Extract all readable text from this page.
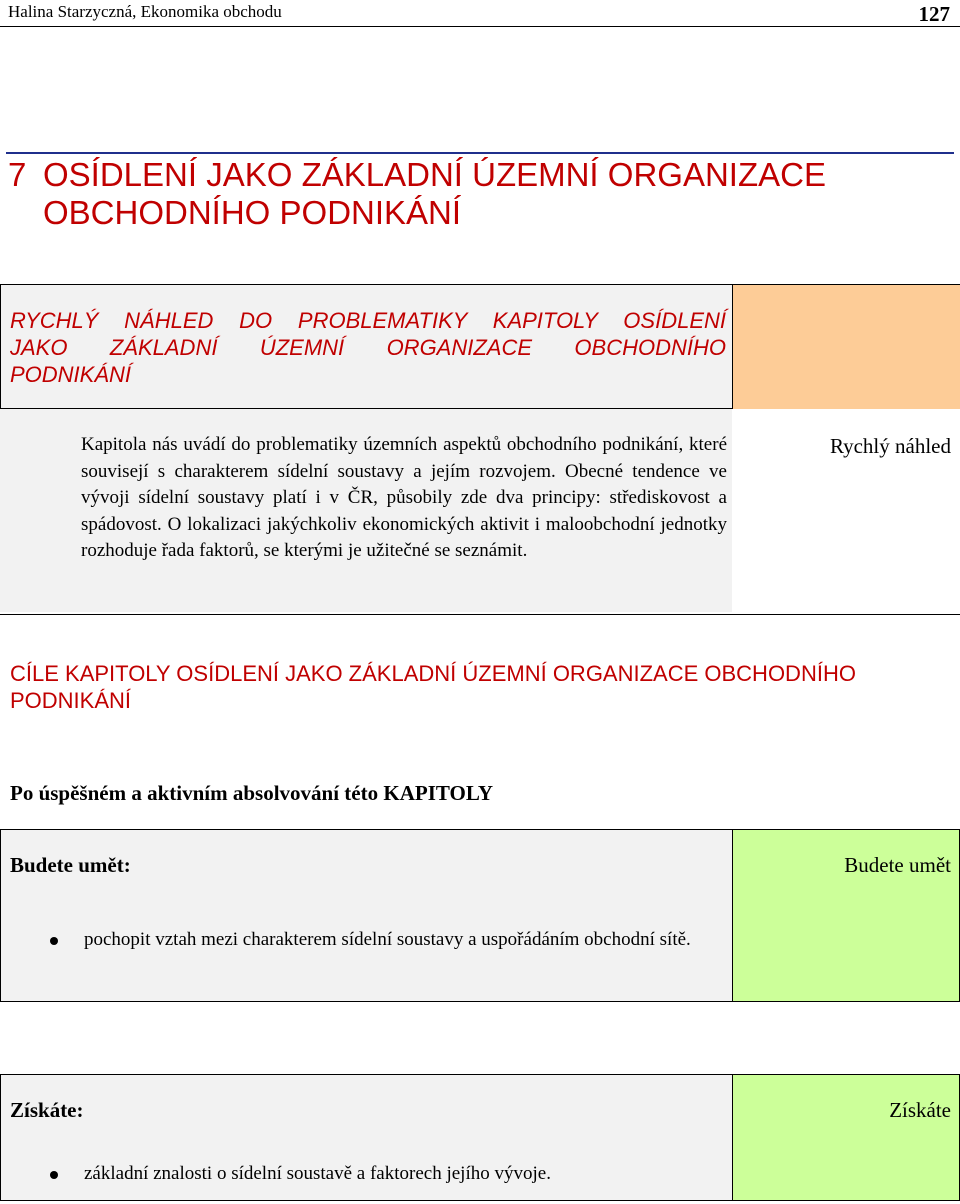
Halina Starzyczná, Ekonomika obchodu	127
7 OSÍDLENÍ JAKO ZÁKLADNÍ ÚZEMNÍ ORGANIZACE
OBCHODNÍHO PODNIKÁNÍ
RYCHLÝ NÁHLED DO PROBLEMATIKY KAPITOLY OSÍDLENÍ
JAKO ZÁKLADNÍ ÚZEMNÍ ORGANIZACE OBCHODNÍHO
PODNIKÁNÍ
Kapitola nás uvádí do problematiky územních aspektů obchodního podnikání, které souvisejí s charakterem sídelní soustavy a jejím rozvojem. Obecné tendence ve vývoji sídelní soustavy platí i v ČR, působily zde dva principy: střediskovost a spádovost. O lokalizaci jakýchkoliv ekonomických aktivit i maloobchodní jednotky rozhoduje řada faktorů, se kterými je užitečné se seznámit.
Rychlý náhled
CÍLE KAPITOLY OSÍDLENÍ JAKO ZÁKLADNÍ ÚZEMNÍ ORGANIZACE OBCHODNÍHO
PODNIKÁNÍ
Po úspěšném a aktivním absolvování této KAPITOLY
Budete umět:	Budete umět
pochopit vztah mezi charakterem sídelní soustavy a uspořádáním obchodní sítě.
Získáte:	Získáte
základní znalosti o sídelní soustavě a faktorech jejího vývoje.
